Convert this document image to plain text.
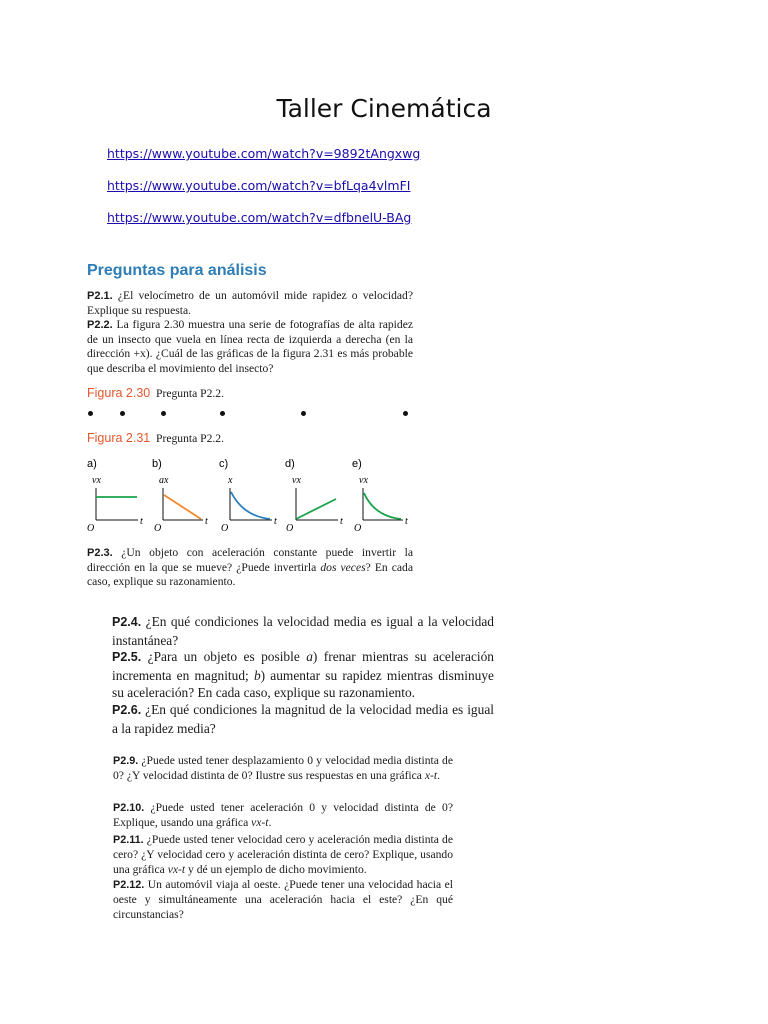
Taller Cinemática
https://www.youtube.com/watch?v=9892tAngxwg
https://www.youtube.com/watch?v=bfLqa4vlmFI
https://www.youtube.com/watch?v=dfbnelU-BAg
Preguntas para análisis
P2.1. ¿El velocímetro de un automóvil mide rapidez o velocidad? Explique su respuesta.
P2.2. La figura 2.30 muestra una serie de fotografías de alta rapidez de un insecto que vuela en línea recta de izquierda a derecha (en la dirección +x). ¿Cuál de las gráficas de la figura 2.31 es más probable que describa el movimiento del insecto?
Figura 2.30 Pregunta P2.2.
Figura 2.31 Pregunta P2.2.
a)
vx
t
O
b)
ax
t
O
c)
x
t
O
d)
vx
t
O
e)
vx
t
O
P2.3. ¿Un objeto con aceleración constante puede invertir la dirección en la que se mueve? ¿Puede invertirla dos veces? En cada caso, explique su razonamiento.
P2.4. ¿En qué condiciones la velocidad media es igual a la velocidad instantánea?
P2.5. ¿Para un objeto es posible a) frenar mientras su aceleración incrementa en magnitud; b) aumentar su rapidez mientras disminuye su aceleración? En cada caso, explique su razonamiento.
P2.6. ¿En qué condiciones la magnitud de la velocidad media es igual a la rapidez media?
P2.9. ¿Puede usted tener desplazamiento 0 y velocidad media distinta de 0? ¿Y velocidad distinta de 0? Ilustre sus respuestas en una gráfica x-t.
P2.10. ¿Puede usted tener aceleración 0 y velocidad distinta de 0? Explique, usando una gráfica vx-t.
P2.11. ¿Puede usted tener velocidad cero y aceleración media distinta de cero? ¿Y velocidad cero y aceleración distinta de cero? Explique, usando una gráfica vx-t y dé un ejemplo de dicho movimiento.
P2.12. Un automóvil viaja al oeste. ¿Puede tener una velocidad hacia el oeste y simultáneamente una aceleración hacia el este? ¿En qué circunstancias?
